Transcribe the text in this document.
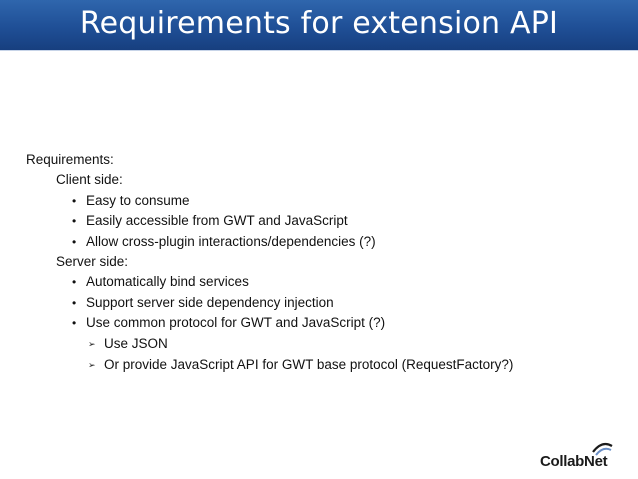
Requirements for extension API
Requirements:
Client side:
• Easy to consume
• Easily accessible from GWT and JavaScript
• Allow cross-plugin interactions/dependencies (?)
Server side:
• Automatically bind services
• Support server side dependency injection
• Use common protocol for GWT and JavaScript (?)
➢ Use JSON
➢ Or provide JavaScript API for GWT base protocol (RequestFactory?)
CollabNet
